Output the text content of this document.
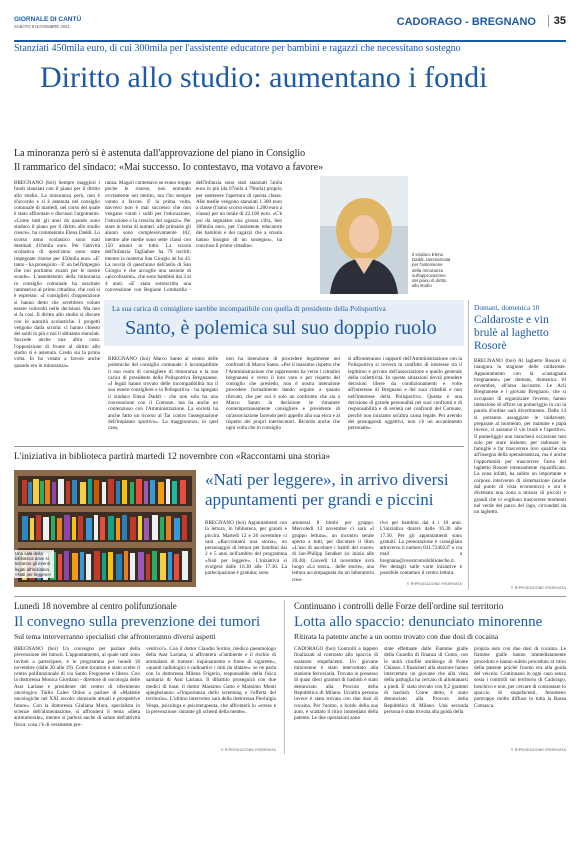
GIORNALE DI CANTÙ
SABATO 9 NOVEMBRE 2024	CADORAGO - BREGNANO	35
Stanziati 450mila euro, di cui 300mila per l'assistente educatore per bambini e ragazzi che necessitano sostegno
Diritto allo studio: aumentano i fondi
La minoranza però si è astenuta dall'approvazione del piano in Consiglio
Il rammarico del sindaco: «Mai successo. Io contestavo, ma votavo a favore»
BREGNANO (boi) Sempre maggiori i fondi stanziati con il piano per il diritto allo studio. La minoranza però, non è d'accordo e si è astenuta nel consiglio comunale di martedì, nel corso del quale è stato affrontato e discusso l'argomento. «Come tutti gli anni da quando sono sindaco il piano per il diritto allo studio cresce», ha commentato Elena Daddi. Lo scorso anno scolastico sono stati destinati 416mila euro. Per l'attività scolastica di quest'anno sono state impegnate risorse per 450mila euro. «E' tanto - ha proseguito - E' un bell'impegno che noi portiamo avanti per le nostre scuole». L'assenteismo della minoranza in consiglio comunale ha suscitato rammarico al primo cittadino, che così si è espresso: «I consiglieri d'opposizione si hanno detto che avrebbero voluto essere coinvolti nelle decisioni. Ma non si fa così. Il diritto allo studio si discute con le autorità scolastiche. I progetti vengono dalla scuola: ci hanno chiesto dei soldi in più e noi li abbiamo stanziati. Succede anche una altra cosa: l'opposizione di fronte al diritto allo studio si è astenuta. Credo sia la prima volta. Io ho votato a favore anche quando ero in minoranza».
ranza. Magari contestavo se erano troppo poche le risorse, non entrando ovviamente nel merito, ma l'ho sempre votato a favore. E' la prima volta, davvero non è mai successo che non vengano votati i soldi per l'educazione, l'istruzione e la crescita dei ragazzi». Per stare in tema di numeri, alle primarie gli alunni sono complessivamente 102, mentre alle medie sono sette classi con 150 alunni in tutto. La scuola dell'infanzia Tagliabue ha 79 iscritti; mentre la materna San Giorgio ne ha 43. La novità di quest'anno dell'asilo di San Giorgio è che accoglie una sezione di «piccolissimi», che sono bambini dai 2 ai 4 anni. «E' stata sottoscritta una convenzione con Regione Lombardia -
dell'infanzia sono stati stanziati 5mila euro in più (da 67mila a 79mila) proprio per sostenere l'apertura di questa classe. Alle medie vengono stanziati 1.300 euro a classe (l'anno scorso erano 1.200 euro a classe) per un totale di 22.100 euro. «C'è poi da segnalare una grossa cifra, ben 300mila euro, per l'assistente educatore dei bambini e dei ragazzi che a scuola hanno bisogno di un sostegno», ha concluso il primo cittadino.
Il sindaco Elena Daddi, rammaricata per l'astensione della minoranza sull'approvazione del piano di diritto allo studio
La sua carica di consigliere sarebbe incompatibile con quella di presidente della Polisportiva
Santo, è polemica sul suo doppio ruolo
BREGNANO (boi) Marco Santo al centro delle polemiche del consiglio comunale: è incompatibile il suo ruolo di consigliere di minoranza e la sua carica di presidente della Polisportiva Bregnanese. «I legali hanno trovato delle incompatibilità ma il suo essere consigliere e la Polisportiva - ha spiegato il sindaco Elena Daddi - che non solo ha una convenzione con il Comune, ma ha anche un contenzioso con l'Amministrazione. La società ha anche fatto un ricorso al Tar contro l'assegnazione dell'impianto sportivo». La maggioranza, in quel caso,
non ha intenzione di procedere legalmente nei confronti di Marco Santo. «Per il massimo rispetto che l'Amministrazione che rappresento ha verso i cittadini bregnanesi e verso il loro voto e per rispetto del consiglio che presiedo, non è nostra intenzione procedere formalmente dando seguito a quanto rilevato, che per noi è solo un confronto che sia a Marco Santo la decisione se rimanere contemporaneamente consigliere e presidente di un'associazione facendo però appello alla sua etica e al rispetto dei propri interlocutori. Ricordo anche che ogni volta che in consiglio
si affronteranno i rapporti dell'Amministrazione con la Polisportiva si troverà in conflitto di interesse tra il legittimo e privato dell'associazione e quello generale della collettività. In queste situazioni dovrà prendere decisioni libere da condizionamenti e volte all'interesse di Bregnano e dei suoi cittadini e non nell'interesse della Polisportiva. Questa è una decisione di grande personalità nei suoi confronti e di responsabilità e di serietà nei confronti del Comune, perché non iniziamo un'altra causa legale. Per avendo dei presupposti oggettivi, non c'è un accanimento personale».
Domani, domenica 10
Caldaroste e vin brulè al laghetto Rosorè
BREGNANO (boi) Al laghetto Rosorè si inaugura la stagione delle caldaroste. Appuntamento con la «castagnata bregnanese» per domani, domenica 10 novembre, all'area laccustre. Le Acli Bregnanese e i giovani Bregnano, che si occupano di organizzare l'evento, hanno intenzione di offrire un pomeriggio in cui la parola d'ordine sarà divertimento. Dalle 14 si potranno assaggiare le caldaroste, preparate al momento, per mamme e papà invece, ci saranno il vin brulè e l'aperitivo. Il pomeriggio non mancherà occasione non solo per stare insieme, per radunare le famiglie e far trascorrere loro qualche ora all'insegna della spensieratezza, ma è anche l'opportunità per trascorrere l'area del laghetto Rosorè intensamente riqualificata. La zona infatti, ha subito un importante e corposo intervento di sistemazione (anche dal punto di vista economico) e ora è diventata una zona a misura di piccoli e grandi che vi vogliono trascorrere momenti nel verde del parco del lago, circondati da un laghetto.
© RIPRODUZIONE RISERVATA
L'iniziativa in biblioteca partirà martedì 12 novembre con «Raccontami una storia»
Una sala della biblioteca dove si terranno gli eventi legati all'iniziativa «Nati per leggere»
«Nati per leggere», in arrivo diversi
appuntamenti per grandi e piccini
BREGNANO (boi) Appuntamenti con la lettura, in biblioteca, per grandi e piccini. Martedì 12 e 26 novembre ci sarà «Raccontami una storia», un personaggio di lettura per bambini dai 2 e 5 anni nell'ambito del programma «Nati per leggere». L'iniziativa si svolgerà dalle 16.30 alle 17.30. La partecipazione è gratuita; sono
ammessi 8 bimbi per gruppo. Mercoledì 13 novembre ci sarà «I gruppo lettura», un incontro serale aperto a tutti, per discutere il libro «L'uso di ascoltare i battiti del cuore» di Jan-Philipp Sendker (si inizia alle 20.30). Giovedì 14 novembre avrà luogo «La storia... delle storie», una lettura accompagnata da un laboratorio crea-
tivo per bambini dai 4 i 10 anni. L'iniziativa durerà dalle 16.30 alle 17.30. Per gli appuntamenti sono gratuiti. La prenotazione è consigliata attraverso il numero 031.7240237 o via mail a bregnano@ovestcomobiblioteche.it. Per dettagli sulle varie iniziative è possibile contattare il centro lettura.
© RIPRODUZIONE RISERVATA
Lunedì 18 novembre al centro polifunzionale
Il convegno sulla prevenzione dei tumori
Sul tema interverranno specialisti che affronteranno diversi aspetti
BREGNANO (boi) Un convegno per parlare della prevenzione dei tumori. L'appuntamento, al quale tutti sono invitati a partecipare, è in programma per lunedì 18 novembre (dalle 20 alle 19). Come location è stato scelto il centro polifunzionale di via Santo Fregonese e libero. Con la dottoressa Monica Giordano - direttore di oncologia delle Asst Lariane e presidente del centro di riferimento oncologico Tullio Caleo Onlus a parlare di «Malattie oncologiche nel XXI secolo: domande attuali e prospettive future». Con la dottoressa Giuliana Mura, specialista in scienze dell'alimentazione, si affronterà il tema «dieta antitumorale», mentre si parlerà anche di salute dell'attività fisica: cosa c'è di veramente pre-
ventivo?». Con il dottor Claudio Sorino, medico pneumologo della Asst Lariana, si affronterà «l'ambiente e il rischio di ammalarsi di tumore: inquinamento e fumo di sigarette», «quanti radiologici e radioattivi i miti da sfatare»: se ne parla con la dottoressa Milena Frigerio, responsabile della fisica sanitaria di Asst Lariana. Il dibattito proseguirà con due medici di base: il dottor Massimo Gatto e Massimo Monti spiegheranno «l'importanza dello screening e l'offerta del territorio». L'ultimo intervento sarà della dottoressa Pierluigia Vespa, psicologa e psicoterapeuta, che affronterà lo «stress e la prevenzione: durante gli schemi della mente».
© RIPRODUZIONE RISERVATA
Continuano i controlli delle Forze dell'ordine sul territorio
Lotta allo spaccio: denunciato minorenne
Ritirata la patente anche a un uomo trovato con due dosi di cocaina
CADORAGO (boi) Controlli a tappeto finalizzati al contrasto allo spaccio di sostanze stupefacenti. Un giovane minorenne è stato intercettato alla stazione ferroviaria. Trovato in possesso di quasi dieci grammi di hashish è stato denunciato alla Procura della Repubblica di Milano. Un'altra persona invece è stata trovata con due dosi di cocaina. Per l'uomo, a bordo della sua auto, è scattato il ritiro immediato della patente. Le due operazioni sono
state effettuate dalle Fiamme gialle della Guardia di finanza di Como, con le unità cinofile antidroga di Ponte Chiasso. I finanzieri alla stazione hanno intercettato un giovane che alla vista della pattuglia ha cercato di allontanarsi a piedi. E' stato trovato con 9,2 grammi di hashish. Come detto, è stato denunciato alla Procura della Repubblica di Milano. Una seconda persona è stata trovata alla guida della
propria auto con due dosi di cocaina. Le fiamme gialle hanno immediatamente proceduto e hanno subito proceduto al ritiro della patente poiché l'uomo era alla guida del veicolo. Continuano in ogni caso senza sosta i controlli sul territorio di Cadorago, boschivo e non, per cercare di contrastare lo spaccio di stupefacenti, fenomeno purtroppo molto diffuso in tutta la Bassa Comasca.
© RIPRODUZIONE RISERVATA
